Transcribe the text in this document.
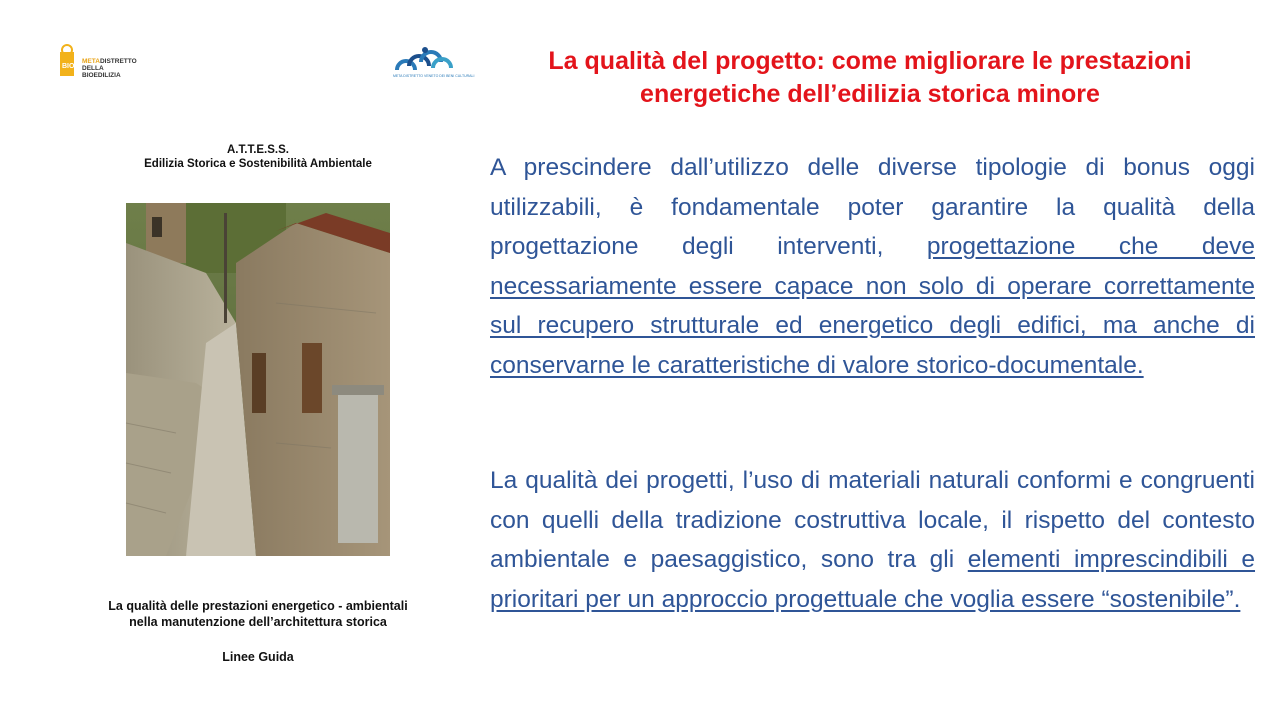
BIO
METADISTRETTO
DELLA
BIOEDILIZIA	META DISTRETTO VENETO DEI BENI CULTURALI
La qualità del progetto: come migliorare le prestazioni
energetiche dell’edilizia storica minore
A.T.T.E.S.S.
Edilizia Storica e Sostenibilità Ambientale
La qualità delle prestazioni energetico - ambientali
nella manutenzione dell’architettura storica
Linee Guida
A prescindere dall’utilizzo delle diverse tipologie di bonus oggi utilizzabili, è fondamentale poter garantire la qualità della progettazione degli interventi, progettazione che deve necessariamente essere capace non solo di operare correttamente sul recupero strutturale ed energetico degli edifici, ma anche di conservarne le caratteristiche di valore storico-documentale.
La qualità dei progetti, l’uso di materiali naturali conformi e congruenti con quelli della tradizione costruttiva locale, il rispetto del contesto ambientale e paesaggistico, sono tra gli elementi imprescindibili e prioritari per un approccio progettuale che voglia essere “sostenibile”.
